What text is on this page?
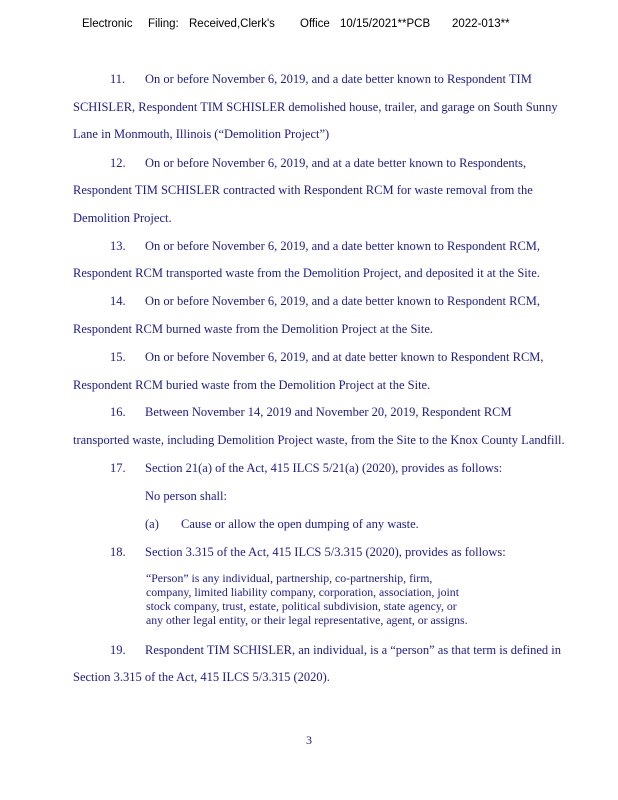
Electronic Filing: Received,Clerk's Office 10/15/2021**PCB 2022-013**
11. On or before November 6, 2019, and a date better known to Respondent TIM
SCHISLER, Respondent TIM SCHISLER demolished house, trailer, and garage on South Sunny
Lane in Monmouth, Illinois (“Demolition Project”)
12. On or before November 6, 2019, and at a date better known to Respondents,
Respondent TIM SCHISLER contracted with Respondent RCM for waste removal from the
Demolition Project.
13. On or before November 6, 2019, and a date better known to Respondent RCM,
Respondent RCM transported waste from the Demolition Project, and deposited it at the Site.
14. On or before November 6, 2019, and a date better known to Respondent RCM,
Respondent RCM burned waste from the Demolition Project at the Site.
15. On or before November 6, 2019, and at date better known to Respondent RCM,
Respondent RCM buried waste from the Demolition Project at the Site.
16. Between November 14, 2019 and November 20, 2019, Respondent RCM
transported waste, including Demolition Project waste, from the Site to the Knox County Landfill.
17. Section 21(a) of the Act, 415 ILCS 5/21(a) (2020), provides as follows:
No person shall:
(a) Cause or allow the open dumping of any waste.
18. Section 3.315 of the Act, 415 ILCS 5/3.315 (2020), provides as follows:
“Person” is any individual, partnership, co-partnership, firm,
company, limited liability company, corporation, association, joint
stock company, trust, estate, political subdivision, state agency, or
any other legal entity, or their legal representative, agent, or assigns.
19. Respondent TIM SCHISLER, an individual, is a “person” as that term is defined in
Section 3.315 of the Act, 415 ILCS 5/3.315 (2020).
3
